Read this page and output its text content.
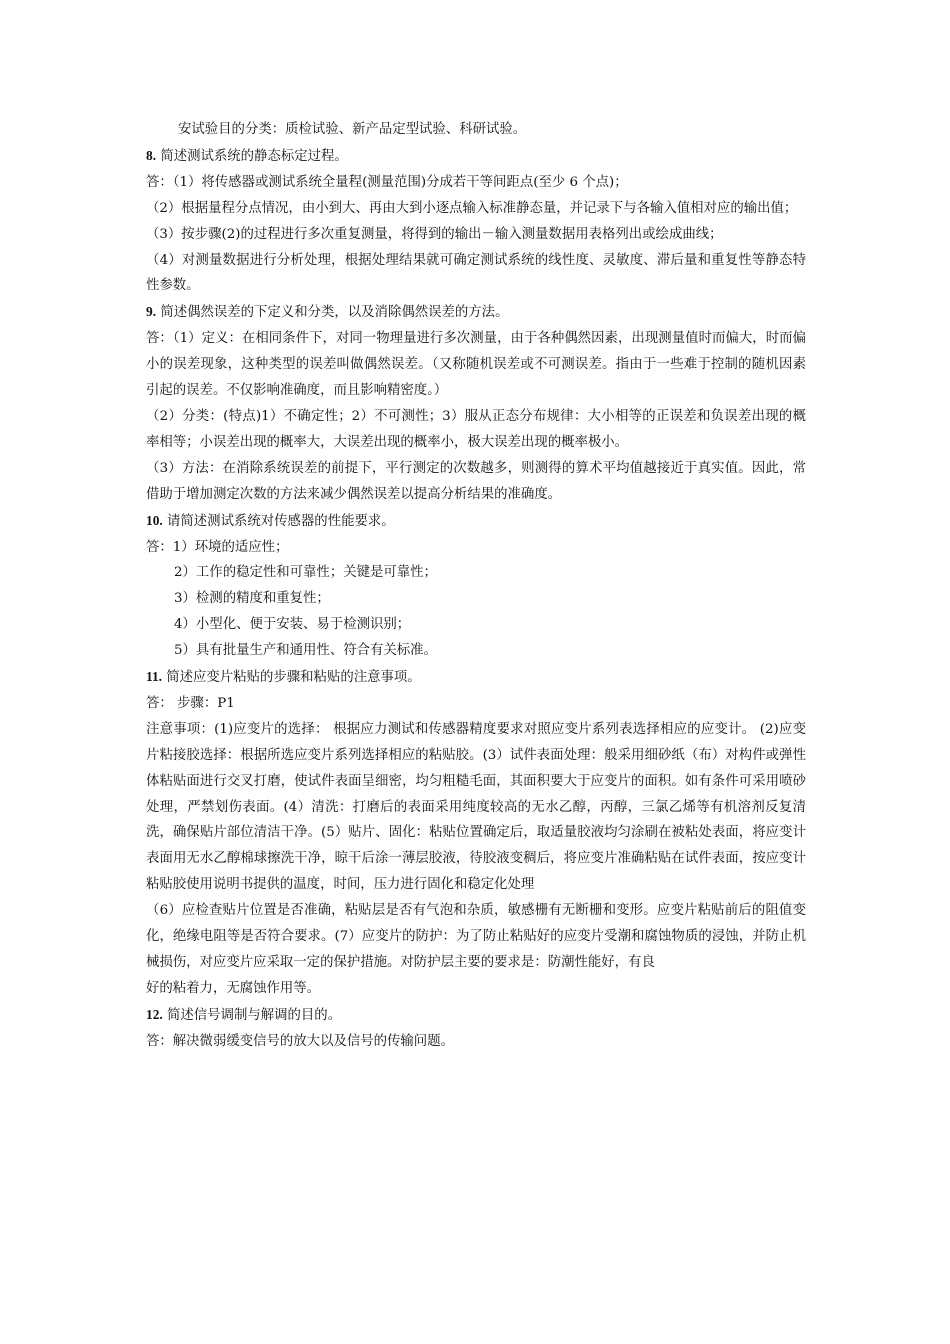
安试验目的分类：质检试验、新产品定型试验、科研试验。
8. 简述测试系统的静态标定过程。
答：（1）将传感器或测试系统全量程(测量范围)分成若干等间距点(至少 6 个点)；
（2）根据量程分点情况，由小到大、再由大到小逐点输入标准静态量，并记录下与各输入值相对应的输出值；
（3）按步骤(2)的过程进行多次重复测量，将得到的输出－输入测量数据用表格列出或绘成曲线；
（4）对测量数据进行分析处理，根据处理结果就可确定测试系统的线性度、灵敏度、滞后量和重复性等静态特性参数。
9. 简述偶然误差的下定义和分类，以及消除偶然误差的方法。
答：（1）定义：在相同条件下，对同一物理量进行多次测量，由于各种偶然因素，出现测量值时而偏大，时而偏小的误差现象，这种类型的误差叫做偶然误差。（又称随机误差或不可测误差。指由于一些难于控制的随机因素引起的误差。不仅影响准确度，而且影响精密度。）
（2）分类：(特点)1）不确定性；2）不可测性；3）服从正态分布规律：大小相等的正误差和负误差出现的概率相等；小误差出现的概率大，大误差出现的概率小，极大误差出现的概率极小。
（3）方法：在消除系统误差的前提下，平行测定的次数越多，则测得的算术平均值越接近于真实值。因此，常借助于增加测定次数的方法来减少偶然误差以提高分析结果的准确度。
10. 请简述测试系统对传感器的性能要求。
答：1）环境的适应性；
2）工作的稳定性和可靠性；关键是可靠性；
3）检测的精度和重复性；
4）小型化、便于安装、易于检测识别；
5）具有批量生产和通用性、符合有关标准。
11. 简述应变片粘贴的步骤和粘贴的注意事项。
答： 步骤：P1
注意事项：(1)应变片的选择： 根据应力测试和传感器精度要求对照应变片系列表选择相应的应变计。 (2)应变片粘接胶选择：根据所选应变片系列选择相应的粘贴胶。(3）试件表面处理：般采用细砂纸（布）对构件或弹性体粘贴面进行交叉打磨，使试件表面呈细密，均匀粗糙毛面，其面积要大于应变片的面积。如有条件可采用喷砂处理，严禁划伤表面。(4）清洗：打磨后的表面采用纯度较高的无水乙醇，丙醇，三氯乙烯等有机溶剂反复清洗，确保贴片部位清洁干净。(5）贴片、固化：粘贴位置确定后，取适量胶液均匀涂刷在被粘处表面，将应变计表面用无水乙醇棉球擦洗干净，晾干后涂一薄层胶液，待胶液变稠后，将应变片准确粘贴在试件表面，按应变计粘贴胶使用说明书提供的温度，时间，压力进行固化和稳定化处理
（6）应检查贴片位置是否准确，粘贴层是否有气泡和杂质，敏感栅有无断栅和变形。应变片粘贴前后的阻值变化，绝缘电阻等是否符合要求。(7）应变片的防护：为了防止粘贴好的应变片受潮和腐蚀物质的浸蚀，并防止机械损伤，对应变片应采取一定的保护措施。对防护层主要的要求是：防潮性能好，有良
好的粘着力，无腐蚀作用等。
12. 简述信号调制与解调的目的。
答：解决微弱缓变信号的放大以及信号的传输问题。
